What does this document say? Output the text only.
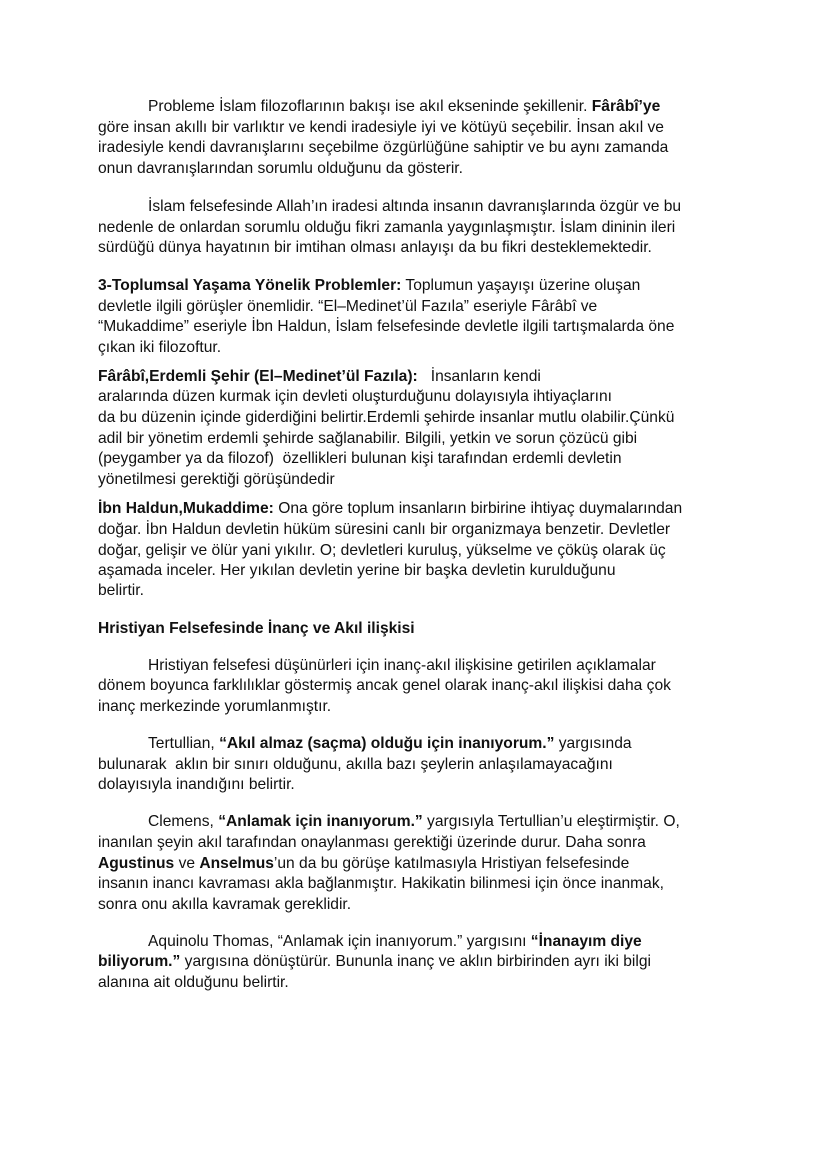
Probleme İslam filozoflarının bakışı ise akıl ekseninde şekillenir. Fârâbî’ye
göre insan akıllı bir varlıktır ve kendi iradesiyle iyi ve kötüyü seçebilir. İnsan akıl ve
iradesiyle kendi davranışlarını seçebilme özgürlüğüne sahiptir ve bu aynı zamanda
onun davranışlarından sorumlu olduğunu da gösterir.
İslam felsefesinde Allah’ın iradesi altında insanın davranışlarında özgür ve bu
nedenle de onlardan sorumlu olduğu fikri zamanla yaygınlaşmıştır. İslam dininin ileri
sürdüğü dünya hayatının bir imtihan olması anlayışı da bu fikri desteklemektedir.
3-Toplumsal Yaşama Yönelik Problemler: Toplumun yaşayışı üzerine oluşan
devletle ilgili görüşler önemlidir. “El–Medinet’ül Fazıla” eseriyle Fârâbî ve
“Mukaddime” eseriyle İbn Haldun, İslam felsefesinde devletle ilgili tartışmalarda öne
çıkan iki filozoftur.
Fârâbî,Erdemli Şehir (El–Medinet’ül Fazıla):   İnsanların kendi
aralarında düzen kurmak için devleti oluşturduğunu dolayısıyla ihtiyaçlarını
da bu düzenin içinde giderdiğini belirtir.Erdemli şehirde insanlar mutlu olabilir.Çünkü
adil bir yönetim erdemli şehirde sağlanabilir. Bilgili, yetkin ve sorun çözücü gibi
(peygamber ya da filozof)  özellikleri bulunan kişi tarafından erdemli devletin
yönetilmesi gerektiği görüşündedir
İbn Haldun,Mukaddime: Ona göre toplum insanların birbirine ihtiyaç duymalarından
doğar. İbn Haldun devletin hüküm süresini canlı bir organizmaya benzetir. Devletler
doğar, gelişir ve ölür yani yıkılır. O; devletleri kuruluş, yükselme ve çöküş olarak üç
aşamada inceler. Her yıkılan devletin yerine bir başka devletin kurulduğunu
belirtir.
Hristiyan Felsefesinde İnanç ve Akıl ilişkisi
Hristiyan felsefesi düşünürleri için inanç-akıl ilişkisine getirilen açıklamalar
dönem boyunca farklılıklar göstermiş ancak genel olarak inanç-akıl ilişkisi daha çok
inanç merkezinde yorumlanmıştır.
Tertullian, “Akıl almaz (saçma) olduğu için inanıyorum.” yargısında
bulunarak  aklın bir sınırı olduğunu, akılla bazı şeylerin anlaşılamayacağını
dolayısıyla inandığını belirtir.
Clemens, “Anlamak için inanıyorum.” yargısıyla Tertullian’u eleştirmiştir. O,
inanılan şeyin akıl tarafından onaylanması gerektiği üzerinde durur. Daha sonra
Agustinus ve Anselmus’un da bu görüşe katılmasıyla Hristiyan felsefesinde
insanın inancı kavraması akla bağlanmıştır. Hakikatin bilinmesi için önce inanmak,
sonra onu akılla kavramak gereklidir.
Aquinolu Thomas, “Anlamak için inanıyorum.” yargısını “İnanayım diye
biliyorum.” yargısına dönüştürür. Bununla inanç ve aklın birbirinden ayrı iki bilgi
alanına ait olduğunu belirtir.
